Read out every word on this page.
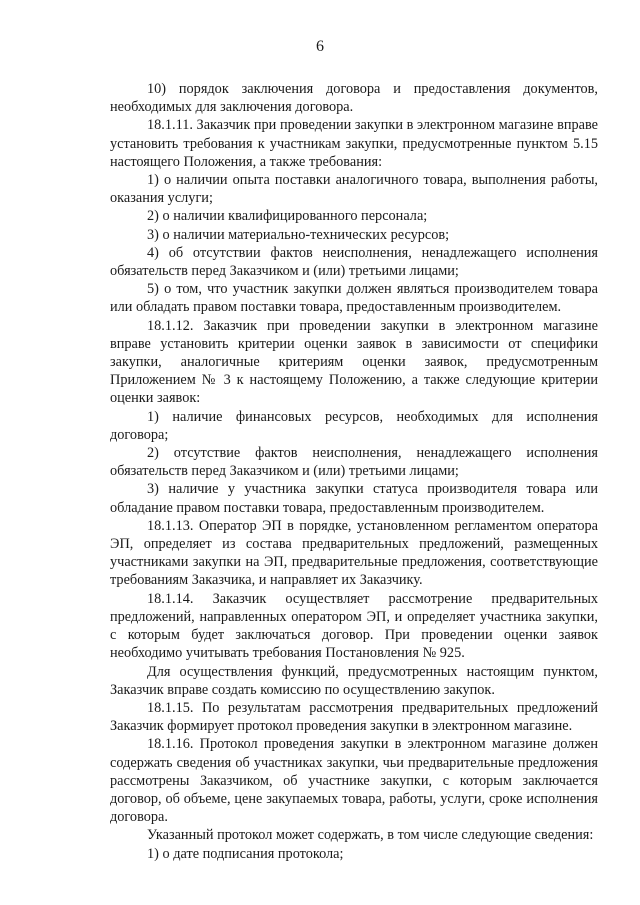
6

10) порядок заключения договора и предоставления документов, необходимых для заключения договора.

18.1.11. Заказчик при проведении закупки в электронном магазине вправе установить требования к участникам закупки, предусмотренные пунктом 5.15 настоящего Положения, а также требования:

1) о наличии опыта поставки аналогичного товара, выполнения работы, оказания услуги;

2) о наличии квалифицированного персонала;

3) о наличии материально-технических ресурсов;

4) об отсутствии фактов неисполнения, ненадлежащего исполнения обязательств перед Заказчиком и (или) третьими лицами;

5) о том, что участник закупки должен являться производителем товара или обладать правом поставки товара, предоставленным производителем.

18.1.12. Заказчик при проведении закупки в электронном магазине вправе установить критерии оценки заявок в зависимости от специфики закупки, аналогичные критериям оценки заявок, предусмотренным Приложением № 3 к настоящему Положению, а также следующие критерии оценки заявок:

1) наличие финансовых ресурсов, необходимых для исполнения договора;

2) отсутствие фактов неисполнения, ненадлежащего исполнения обязательств перед Заказчиком и (или) третьими лицами;

3) наличие у участника закупки статуса производителя товара или обладание правом поставки товара, предоставленным производителем.

18.1.13. Оператор ЭП в порядке, установленном регламентом оператора ЭП, определяет из состава предварительных предложений, размещенных участниками закупки на ЭП, предварительные предложения, соответствующие требованиям Заказчика, и направляет их Заказчику.

18.1.14. Заказчик осуществляет рассмотрение предварительных предложений, направленных оператором ЭП, и определяет участника закупки, с которым будет заключаться договор. При проведении оценки заявок необходимо учитывать требования Постановления № 925.

Для осуществления функций, предусмотренных настоящим пунктом, Заказчик вправе создать комиссию по осуществлению закупок.

18.1.15. По результатам рассмотрения предварительных предложений Заказчик формирует протокол проведения закупки в электронном магазине.

18.1.16. Протокол проведения закупки в электронном магазине должен содержать сведения об участниках закупки, чьи предварительные предложения рассмотрены Заказчиком, об участнике закупки, с которым заключается договор, об объеме, цене закупаемых товара, работы, услуги, сроке исполнения договора.

Указанный протокол может содержать, в том числе следующие сведения:

1) о дате подписания протокола;
